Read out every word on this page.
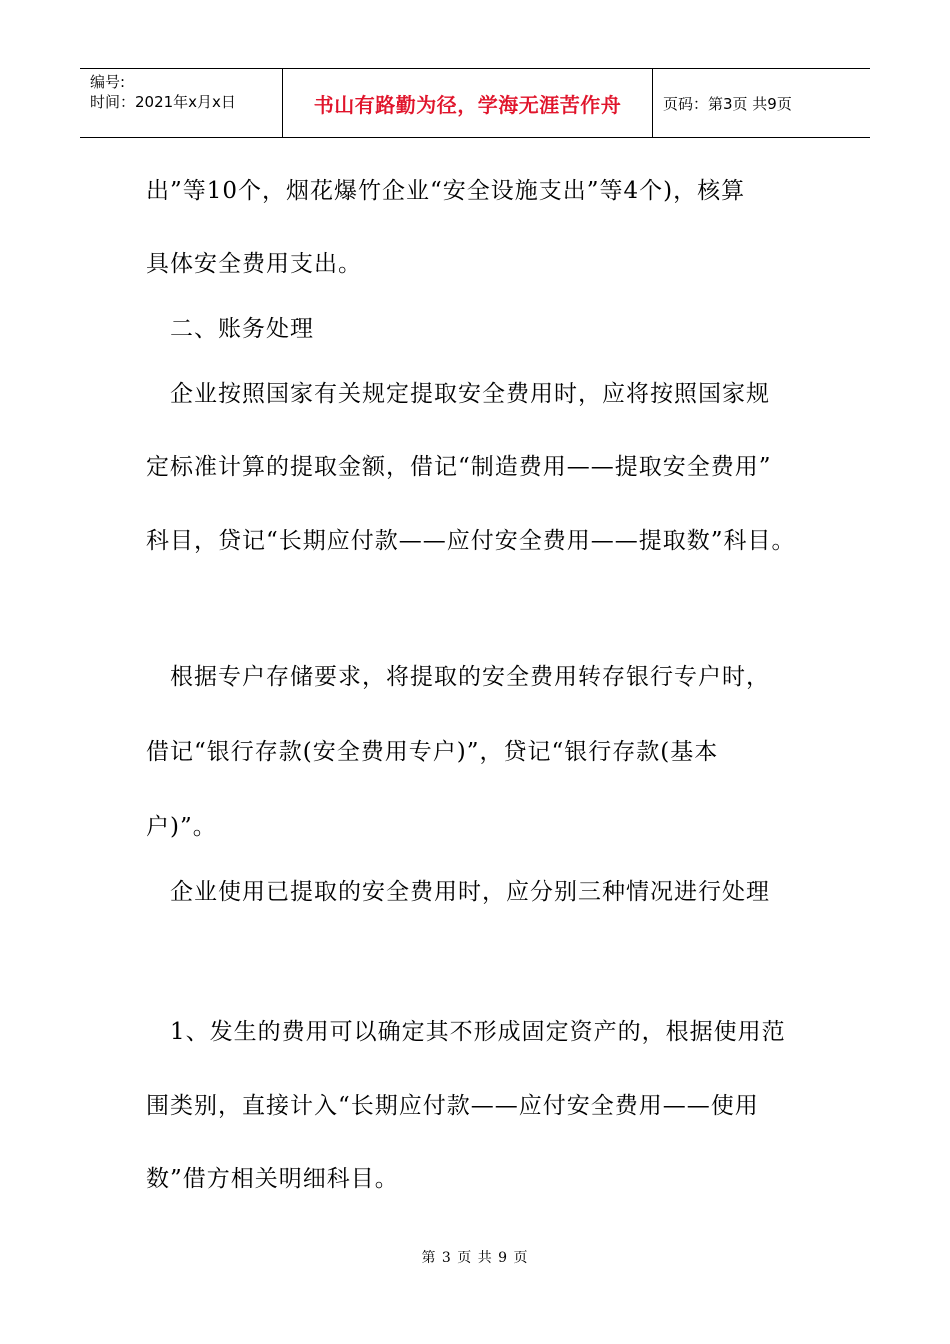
编号:
时间：2021年x月x日	书山有路勤为径，学海无涯苦作舟	页码：第3页 共9页
出”等10个，烟花爆竹企业“安全设施支出”等4个)，核算
具体安全费用支出。
　二、账务处理
　企业按照国家有关规定提取安全费用时，应将按照国家规
定标准计算的提取金额，借记“制造费用——提取安全费用”
科目，贷记“长期应付款——应付安全费用——提取数”科目。
　根据专户存储要求，将提取的安全费用转存银行专户时，
借记“银行存款(安全费用专户)”，贷记“银行存款(基本
户)”。
　企业使用已提取的安全费用时，应分别三种情况进行处理
　1、发生的费用可以确定其不形成固定资产的，根据使用范
围类别，直接计入“长期应付款——应付安全费用——使用
数”借方相关明细科目。
第 3 页 共 9 页
